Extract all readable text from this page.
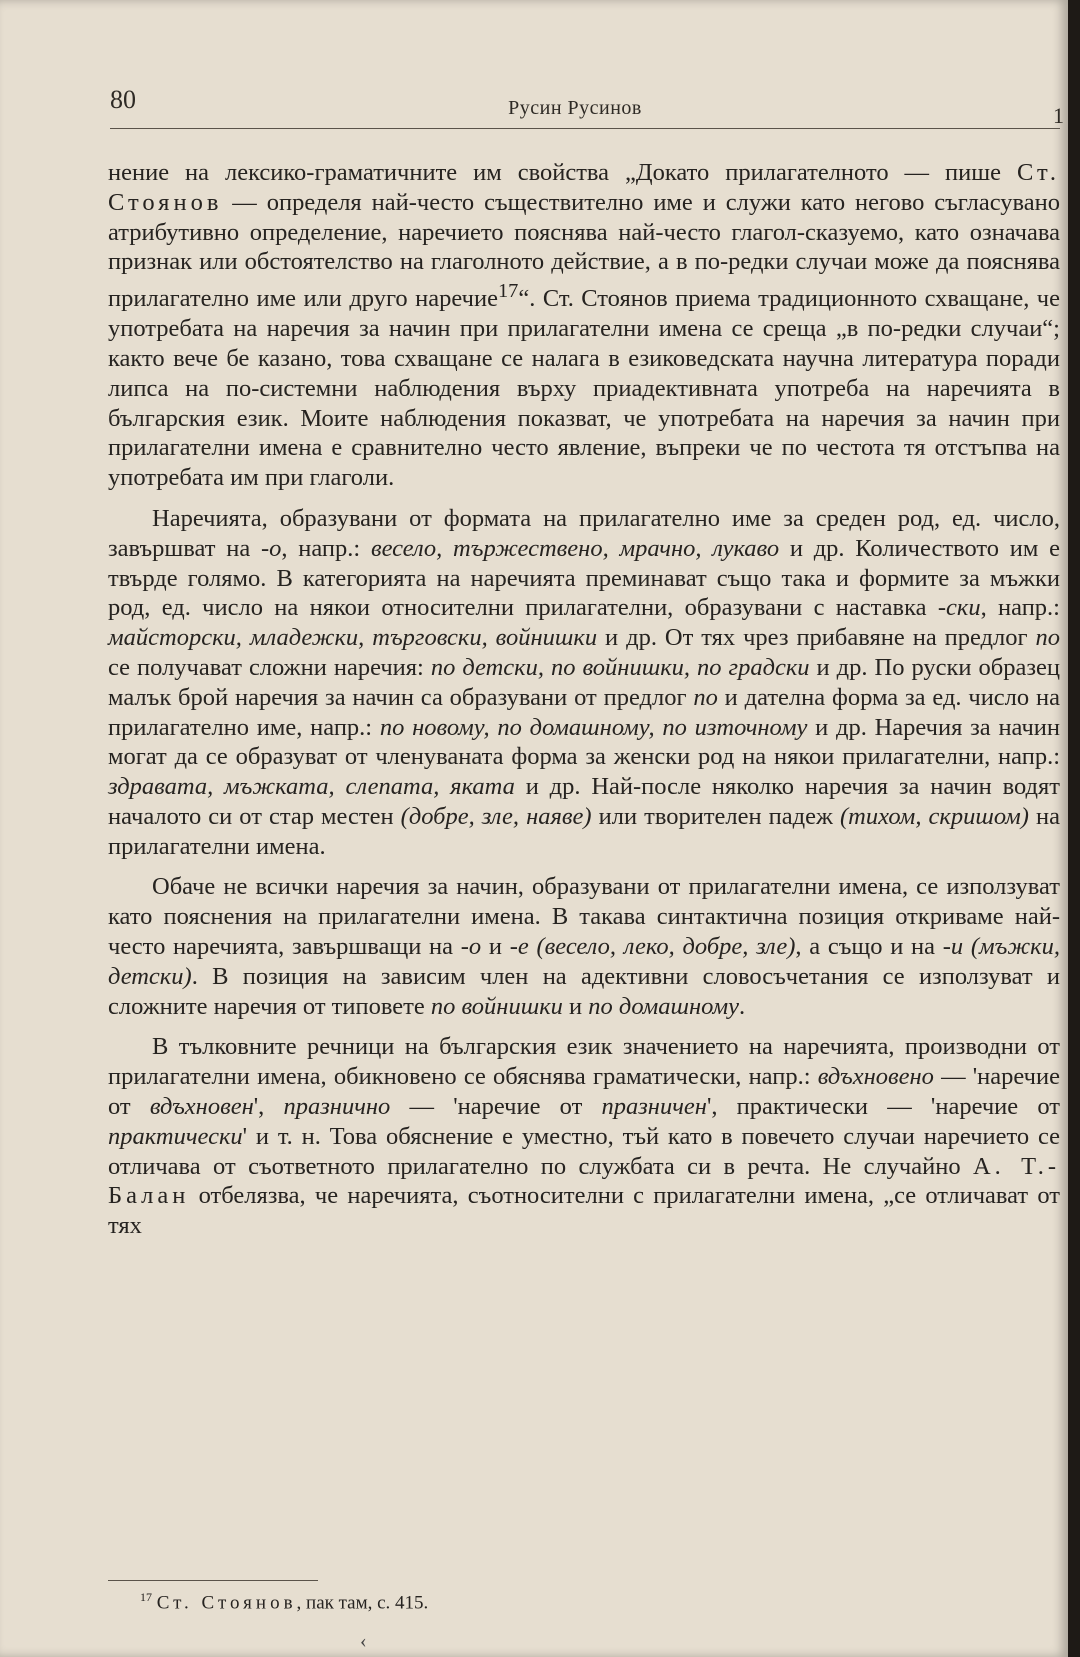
80	Русин Русинов	1

нение на лексико-граматичните им свойства „Докато прилагателното — пише Ст. Стоянов — определя най-често съществително име и служи като негово съгласувано атрибутивно определение, наречието пояснява най-често глагол-сказуемо, като означава признак или обстоятелство на глаголното действие, а в по-редки случаи може да пояснява прилагателно име или друго наречие$^{17}$“. Ст. Стоянов приема традиционното схващане, че употребата на наречия за начин при прилагателни имена се среща „в по-редки случаи“; както вече бе казано, това схващане се налага в езиковедската научна литература поради липса на по-системни наблюдения върху приадективната употреба на наречията в българския език. Моите наблюдения показват, че употребата на наречия за начин при прилагателни имена е сравнително често явление, въпреки че по честота тя отстъпва на употребата им при глаголи.

Наречията, образувани от формата на прилагателно име за среден род, ед. число, завършват на -о, напр.: весело, тържествено, мрачно, лукаво и др. Количеството им е твърде голямо. В категорията на наречията преминават също така и формите за мъжки род, ед. число на някои относителни прилагателни, образувани с наставка -ски, напр.: майсторски, младежки, търговски, войнишки и др. От тях чрез прибавяне на предлог по се получават сложни наречия: по детски, по войнишки, по градски и др. По руски образец малък брой наречия за начин са образувани от предлог по и дателна форма за ед. число на прилагателно име, напр.: по новому, по домашному, по източному и др. Наречия за начин могат да се образуват от членуваната форма за женски род на някои прилагателни, напр.: здравата, мъжката, слепата, яката и др. Най-после няколко наречия за начин водят началото си от стар местен (добре, зле, наяве) или творителен падеж (тихом, скришом) на прилагателни имена.

Обаче не всички наречия за начин, образувани от прилагателни имена, се използуват като пояснения на прилагателни имена. В такава синтактична позиция откриваме най-често наречията, завършващи на -о и -е (весело, леко, добре, зле), а също и на -и (мъжки, детски). В позиция на зависим член на адективни словосъчетания се използуват и сложните наречия от типовете по войнишки и по домашному.

В тълковните речници на българския език значението на наречията, производни от прилагателни имена, обикновено се обяснява граматически, напр.: вдъхновено — 'наречие от вдъхновен', празнично — 'наречие от празничен', практически — 'наречие от практически' и т. н. Това обяснение е уместно, тъй като в повечето случаи наречието се отличава от съответното прилагателно по службата си в речта. Не случайно А. Т.-Балан отбелязва, че наречията, съотносителни с прилагателни имена, „се отличават от тях

$^{17}$ Ст. Стоянов, пак там, с. 415.
‹
